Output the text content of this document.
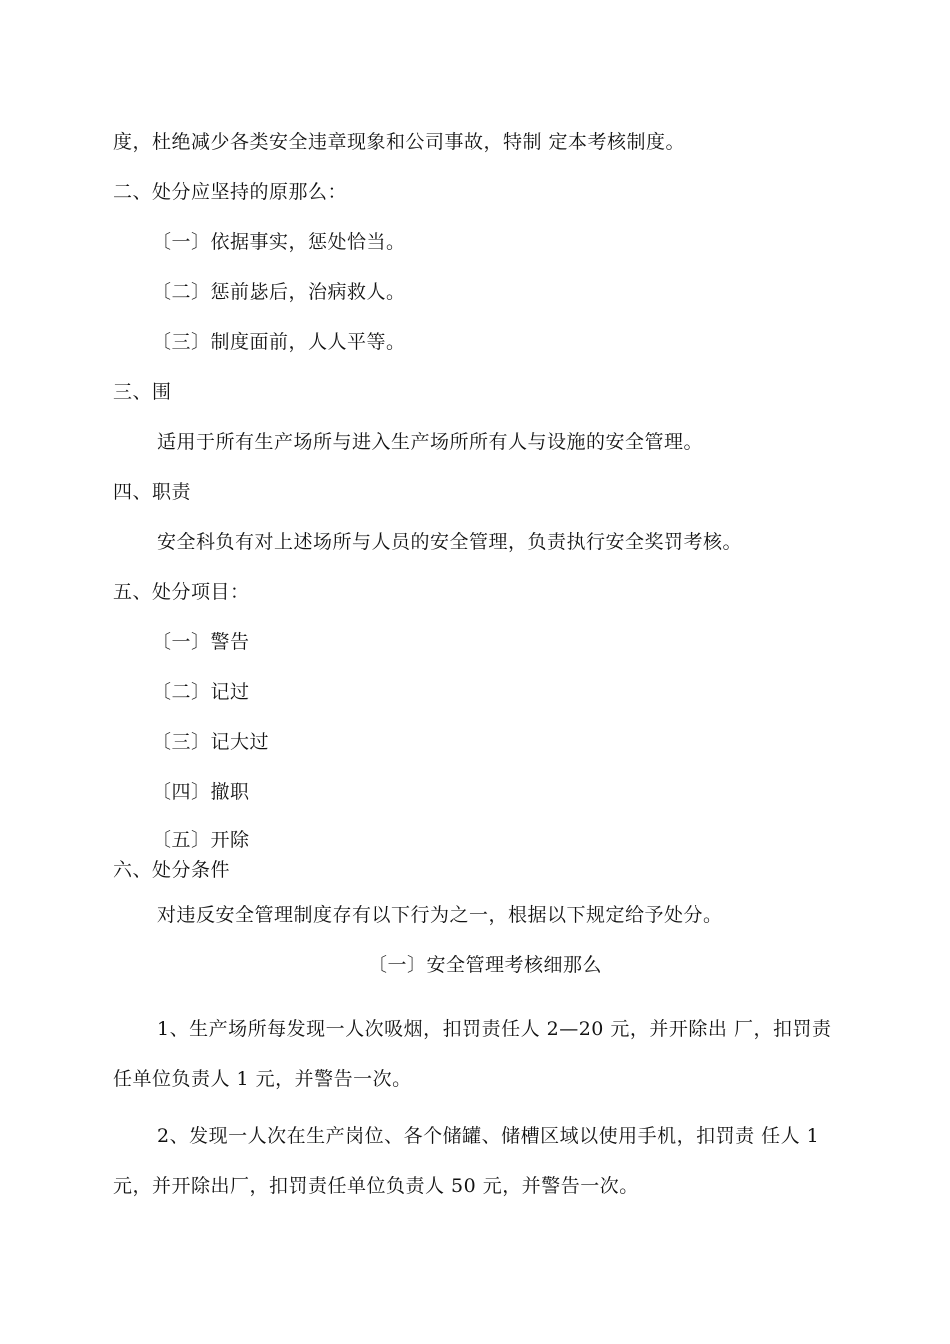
度，杜绝减少各类安全违章现象和公司事故，特制 定本考核制度。
二、处分应坚持的原那么：
〔一〕依据事实，惩处恰当。
〔二〕惩前毖后，治病救人。
〔三〕制度面前，人人平等。
三、围
适用于所有生产场所与进入生产场所所有人与设施的安全管理。
四、职责
安全科负有对上述场所与人员的安全管理，负责执行安全奖罚考核。
五、处分项目：
〔一〕警告
〔二〕记过
〔三〕记大过
〔四〕撤职
〔五〕开除
六、处分条件
对违反安全管理制度存有以下行为之一，根据以下规定给予处分。
〔一〕安全管理考核细那么
1、生产场所每发现一人次吸烟，扣罚责任人 2—20 元，并开除出 厂，扣罚责
任单位负责人 1 元，并警告一次。
2、发现一人次在生产岗位、各个储罐、储槽区域以使用手机，扣罚责 任人 1
元，并开除出厂，扣罚责任单位负责人 50 元，并警告一次。
